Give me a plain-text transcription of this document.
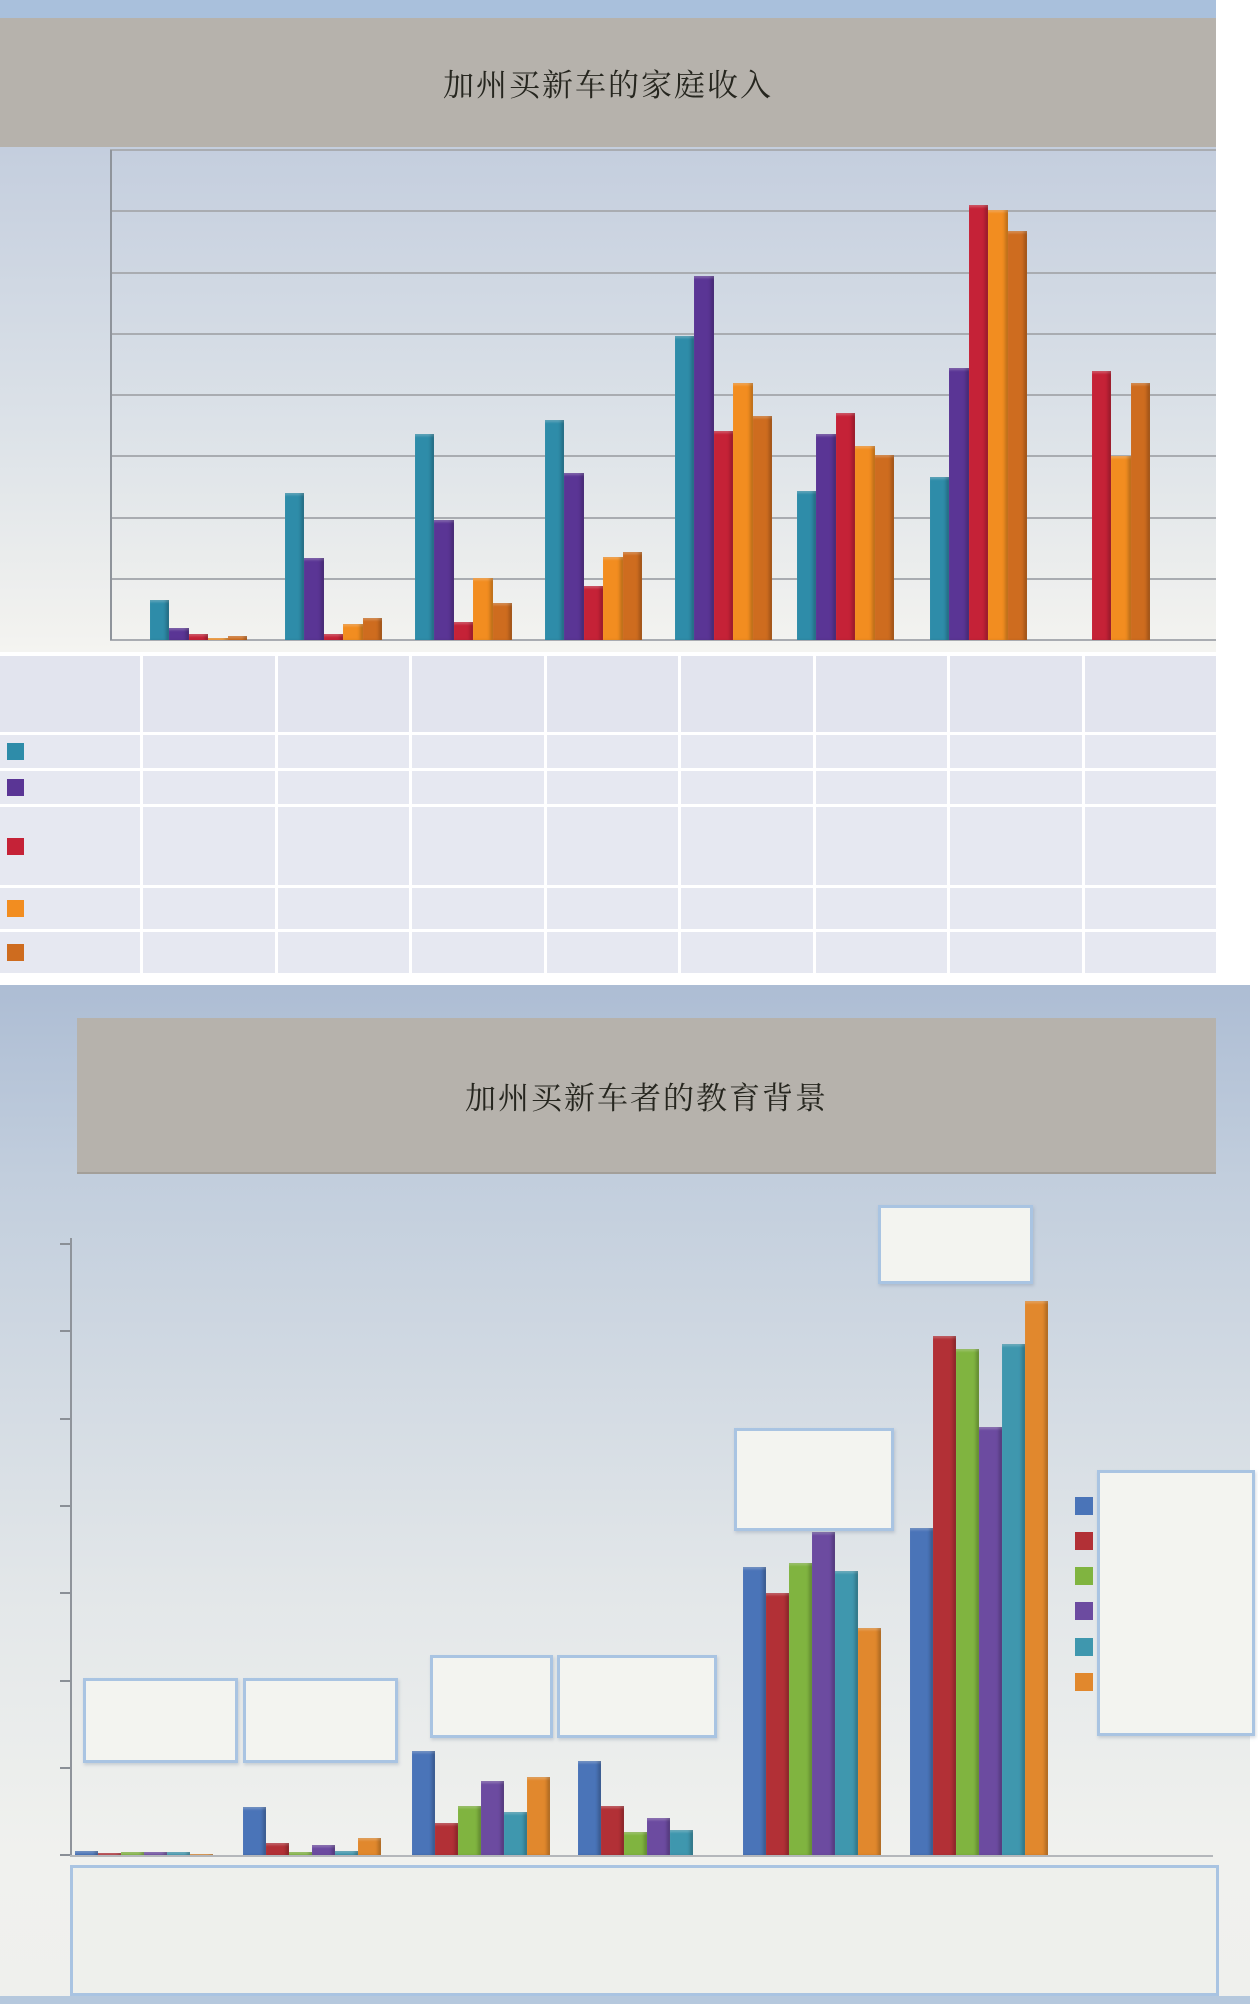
加州买新车的家庭收入
加州买新车者的教育背景
